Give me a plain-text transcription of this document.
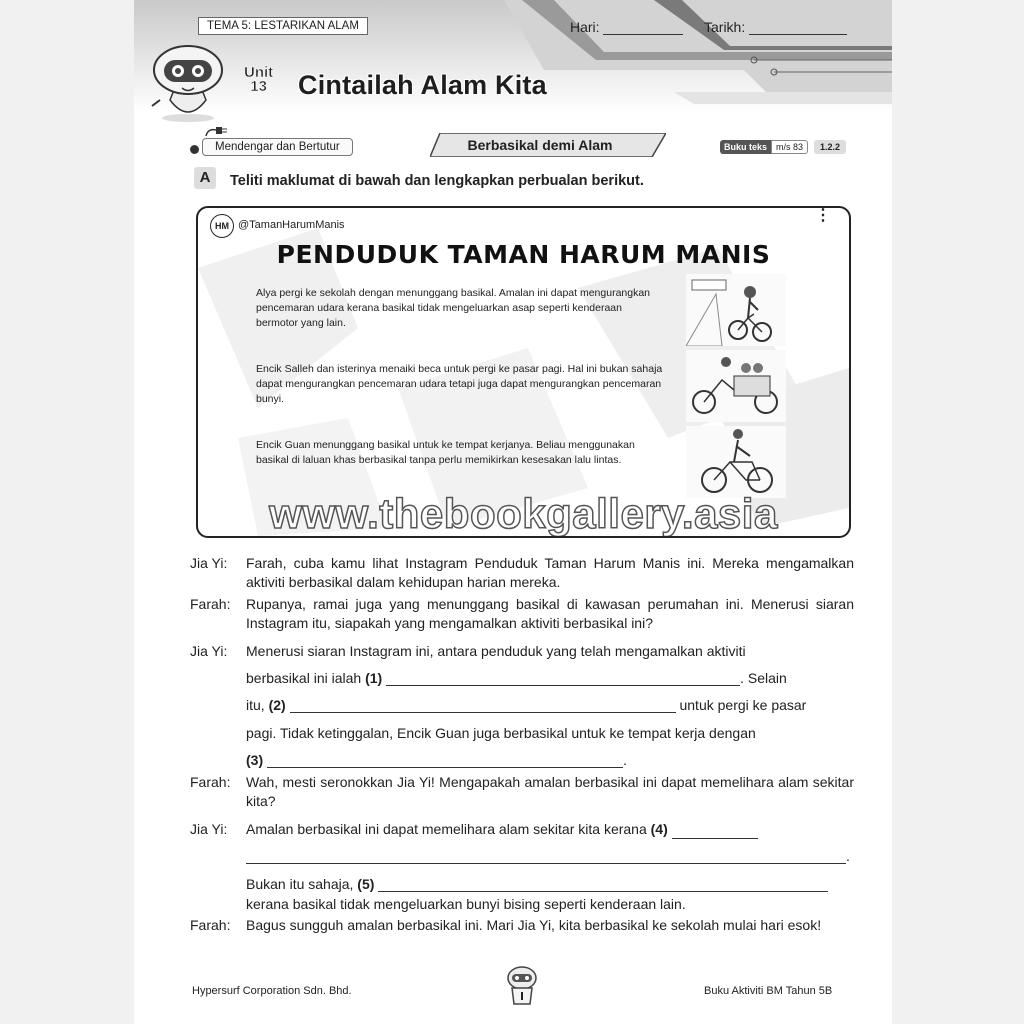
TEMA 5: LESTARIKAN ALAM	Hari:	Tarikh:
Unit
13 Cintailah Alam Kita
Mendengar dan Bertutur	Berbasikal demi Alam	Buku teks	m/s 83	1.2.2
A	Teliti maklumat di bawah dan lengkapkan perbualan berikut.
HM @TamanHarumManis
⋮
PENDUDUK TAMAN HARUM MANIS
Alya pergi ke sekolah dengan menunggang basikal. Amalan ini dapat mengurangkan pencemaran udara kerana basikal tidak mengeluarkan asap seperti kenderaan bermotor yang lain.
Encik Salleh dan isterinya menaiki beca untuk pergi ke pasar pagi. Hal ini bukan sahaja dapat mengurangkan pencemaran udara tetapi juga dapat mengurangkan pencemaran bunyi.
Encik Guan menunggang basikal untuk ke tempat kerjanya. Beliau menggunakan basikal di laluan khas berbasikal tanpa perlu memikirkan kesesakan lalu lintas.
www.thebookgallery.asia
Jia Yi:	Farah, cuba kamu lihat Instagram Penduduk Taman Harum Manis ini. Mereka mengamalkan aktiviti berbasikal dalam kehidupan harian mereka.
Farah:	Rupanya, ramai juga yang menunggang basikal di kawasan perumahan ini. Menerusi siaran Instagram itu, siapakah yang mengamalkan aktiviti berbasikal ini?
Jia Yi:	Menerusi siaran Instagram ini, antara penduduk yang telah mengamalkan aktiviti
berbasikal ini ialah (1)	. Selain
itu, (2)	untuk pergi ke pasar
pagi. Tidak ketinggalan, Encik Guan juga berbasikal untuk ke tempat kerja dengan
(3)	.
Farah:	Wah, mesti seronokkan Jia Yi! Mengapakah amalan berbasikal ini dapat memelihara alam sekitar kita?
Jia Yi:	Amalan berbasikal ini dapat memelihara alam sekitar kita kerana (4)
.
Bukan itu sahaja, (5)
kerana basikal tidak mengeluarkan bunyi bising seperti kenderaan lain.
Farah:	Bagus sungguh amalan berbasikal ini. Mari Jia Yi, kita berbasikal ke sekolah mulai hari esok!
Hypersurf Corporation Sdn. Bhd.	Buku Aktiviti BM Tahun 5B
